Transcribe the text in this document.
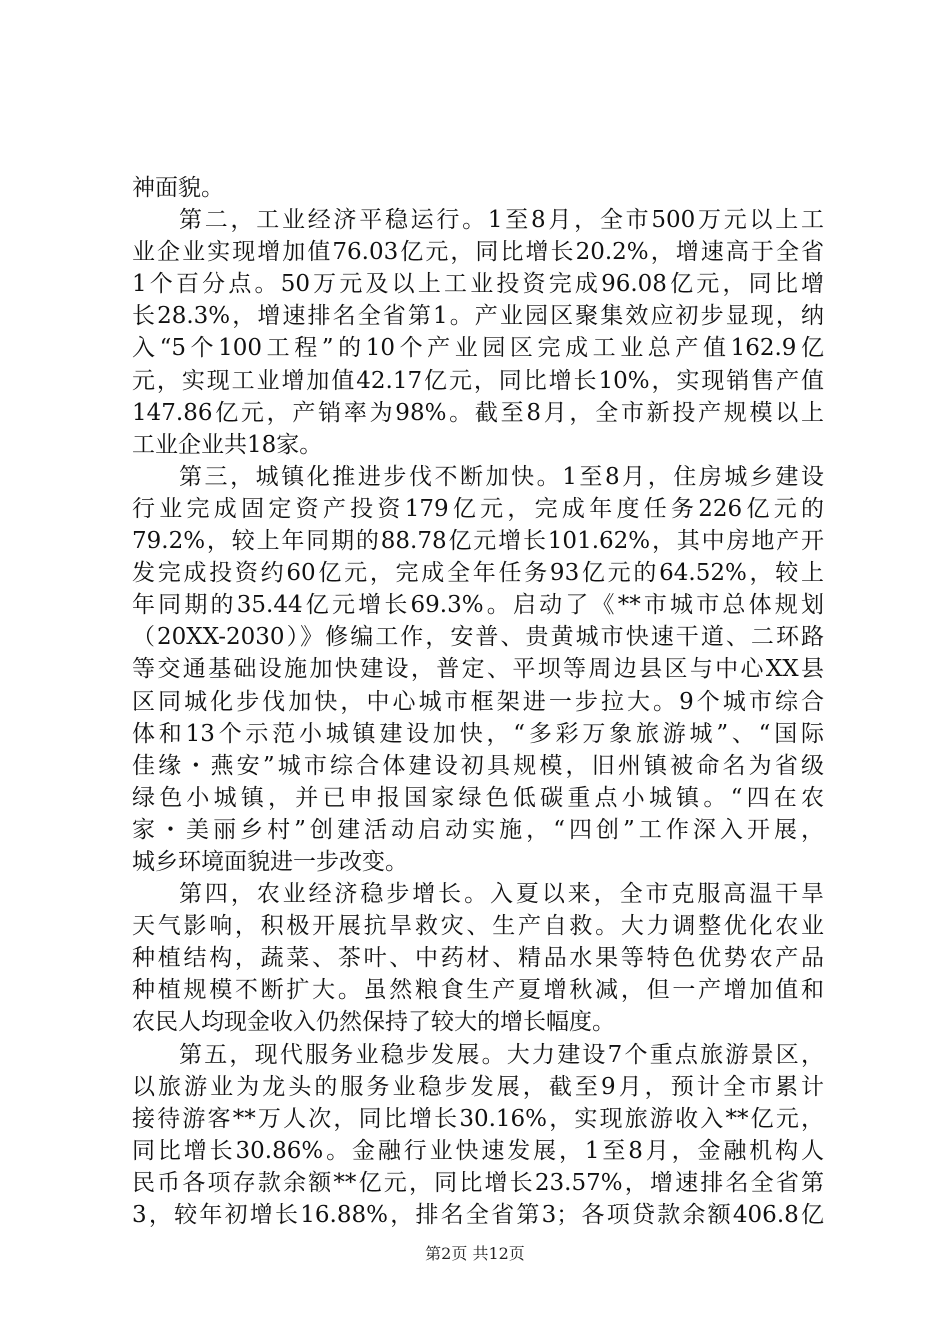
神面貌。
第二，工业经济平稳运行。1至8月，全市500万元以上工
业企业实现增加值76.03亿元，同比增长20.2%，增速高于全省
1个百分点。50万元及以上工业投资完成96.08亿元，同比增
长28.3%，增速排名全省第1。产业园区聚集效应初步显现，纳
入“5个100工程”的10个产业园区完成工业总产值162.9亿
元，实现工业增加值42.17亿元，同比增长10%，实现销售产值
147.86亿元，产销率为98%。截至8月，全市新投产规模以上
工业企业共18家。
第三，城镇化推进步伐不断加快。1至8月，住房城乡建设
行业完成固定资产投资179亿元，完成年度任务226亿元的
79.2%，较上年同期的88.78亿元增长101.62%，其中房地产开
发完成投资约60亿元，完成全年任务93亿元的64.52%，较上
年同期的35.44亿元增长69.3%。启动了《**市城市总体规划
（20XX-2030）》修编工作，安普、贵黄城市快速干道、二环路
等交通基础设施加快建设，普定、平坝等周边县区与中心XX县
区同城化步伐加快，中心城市框架进一步拉大。9个城市综合
体和13个示范小城镇建设加快，“多彩万象旅游城”、“国际
佳缘・燕安”城市综合体建设初具规模，旧州镇被命名为省级
绿色小城镇，并已申报国家绿色低碳重点小城镇。“四在农
家・美丽乡村”创建活动启动实施，“四创”工作深入开展，
城乡环境面貌进一步改变。
第四，农业经济稳步增长。入夏以来，全市克服高温干旱
天气影响，积极开展抗旱救灾、生产自救。大力调整优化农业
种植结构，蔬菜、茶叶、中药材、精品水果等特色优势农产品
种植规模不断扩大。虽然粮食生产夏增秋减，但一产增加值和
农民人均现金收入仍然保持了较大的增长幅度。
第五，现代服务业稳步发展。大力建设7个重点旅游景区，
以旅游业为龙头的服务业稳步发展，截至9月，预计全市累计
接待游客**万人次，同比增长30.16%，实现旅游收入**亿元，
同比增长30.86%。金融行业快速发展，1至8月，金融机构人
民币各项存款余额**亿元，同比增长23.57%，增速排名全省第
3，较年初增长16.88%，排名全省第3；各项贷款余额406.8亿
第2页 共12页
